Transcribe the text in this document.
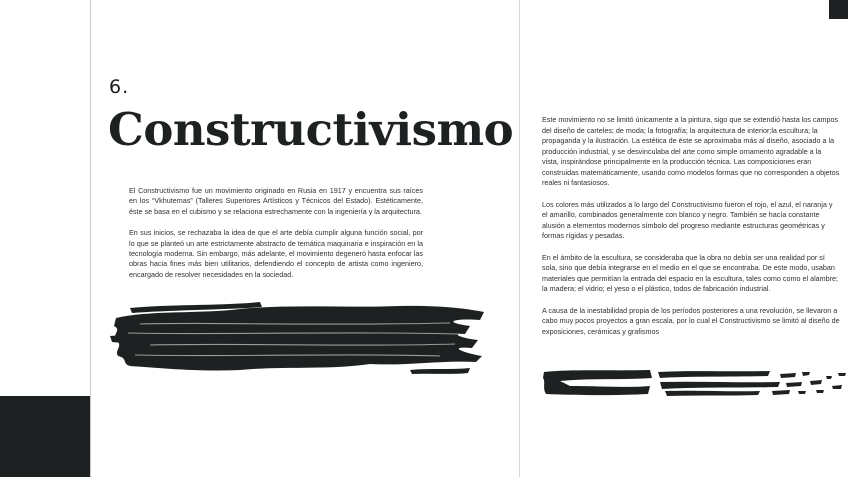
6.
Constructivismo

El Constructivismo fue un movimiento originado en Rusia en 1917 y encuentra sus raíces en los “Vkhutemas” (Talleres Superiores Artísticos y Técnicos del Estado). Estéticamente, éste se basa en el cubismo y se relaciona estrechamente con la ingeniería y la arquitectura.

En sus inicios, se rechazaba la idea de que el arte debía cumplir alguna función social, por lo que se planteó un arte estrictamente abstracto de temática maquinaria e inspiración en la tecnología moderna. Sin embargo, más adelante, el movimiento degeneró hasta enfocar las obras hacia fines más bien utilitarios, defendiendo el concepto de artista como ingeniero, encargado de resolver necesidades en la sociedad.

Este movimiento no se limitó únicamente a la pintura, sigo que se extendió hasta los campos del diseño de carteles; de moda; la fotografía; la arquitectura de interior;la escultura; la propaganda y la ilustración. La estética de éste se aproximaba más al diseño, asociado a la producción industrial, y se desvinculaba del arte como simple ornamento agradable a la vista, inspirándose principalmente en la producción técnica. Las composiciones eran construidas matemáticamente, usando como modelos formas que no corresponden a objetos reales ni fantasiosos.

Los colores más utilizados a lo largo del Constructivismo fueron el rojo, el azul, el naranja y el amarillo, combinados generalmente con blanco y negro. También se hacía constante alusión a elementos modernos símbolo del progreso mediante estructuras geométricas y formas rígidas y pesadas.

En el ámbito de la escultura, se consideraba que la obra no debía ser una realidad por sí sola, sino que debía integrarse en el medio en el que se encontraba. De este modo, usaban materiales que permitían la entrada del espacio en la escultura, tales como como el alambre; la madera; el vidrio; el yeso o el plástico, todos de fabricación industrial.

A causa de la inestabilidad propia de los períodos posteriores a una revolución, se llevaron a cabo muy pocos proyectos a gran escala, por lo cual el Constructivismo se limitó al diseño de exposiciones, cerámicas y grafismos
